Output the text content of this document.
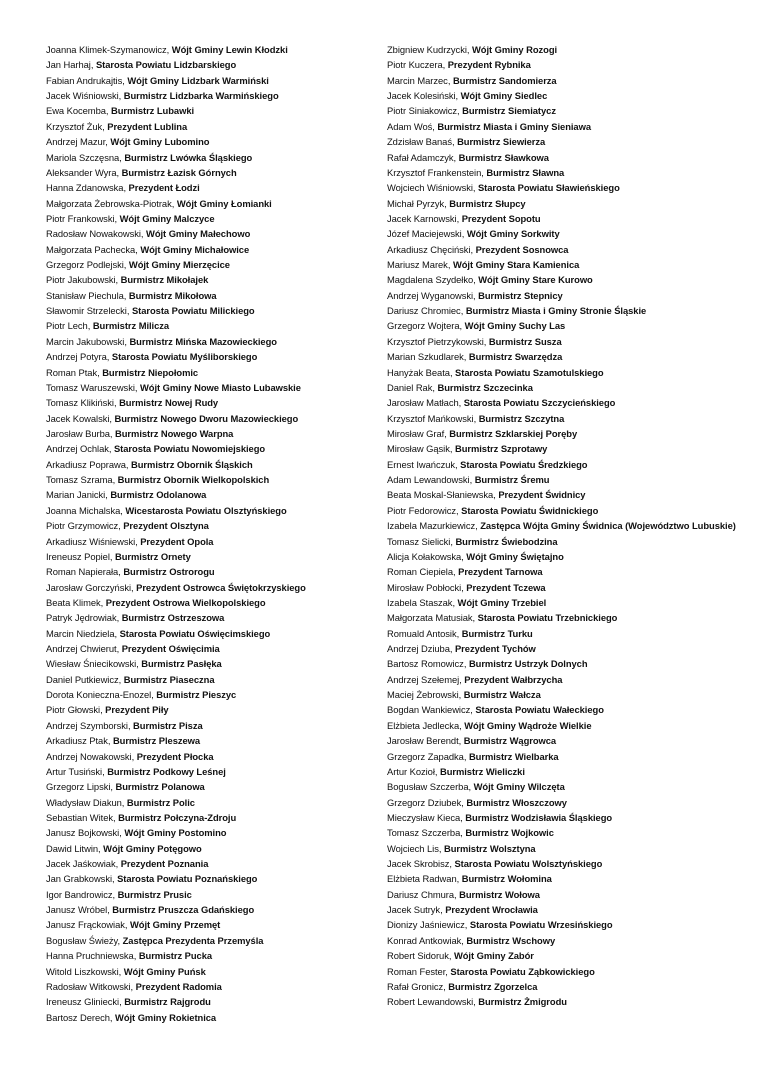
Joanna Klimek-Szymanowicz, Wójt Gminy Lewin Kłodzki
Jan Harhaj, Starosta Powiatu Lidzbarskiego
Fabian Andrukajtis, Wójt Gminy Lidzbark Warmiński
Jacek Wiśniowski, Burmistrz Lidzbarka Warmińskiego
Ewa Kocemba, Burmistrz Lubawki
Krzysztof Żuk, Prezydent Lublina
Andrzej Mazur, Wójt Gminy Lubomino
Mariola Szczęsna, Burmistrz Lwówka Śląskiego
Aleksander Wyra, Burmistrz Łazisk Górnych
Hanna Zdanowska, Prezydent Łodzi
Małgorzata Żebrowska-Piotrak, Wójt Gminy Łomianki
Piotr Frankowski, Wójt Gminy Malczyce
Radosław Nowakowski, Wójt Gminy Małechowo
Małgorzata Pachecka, Wójt Gminy Michałowice
Grzegorz Podlejski, Wójt Gminy Mierzęcice
Piotr Jakubowski, Burmistrz Mikołajek
Stanisław Piechula, Burmistrz Mikołowa
Sławomir Strzelecki, Starosta Powiatu Milickiego
Piotr Lech, Burmistrz Milicza
Marcin Jakubowski, Burmistrz Mińska Mazowieckiego
Andrzej Potyra, Starosta Powiatu Myśliborskiego
Roman Ptak, Burmistrz Niepołomic
Tomasz Waruszewski, Wójt Gminy Nowe Miasto Lubawskie
Tomasz Klikiński, Burmistrz Nowej Rudy
Jacek Kowalski, Burmistrz Nowego Dworu Mazowieckiego
Jarosław Burba, Burmistrz Nowego Warpna
Andrzej Ochlak, Starosta Powiatu Nowomiejskiego
Arkadiusz Poprawa, Burmistrz Obornik Śląskich
Tomasz Szrama, Burmistrz Obornik Wielkopolskich
Marian Janicki, Burmistrz Odolanowa
Joanna Michalska, Wicestarosta Powiatu Olsztyńskiego
Piotr Grzymowicz, Prezydent Olsztyna
Arkadiusz Wiśniewski, Prezydent Opola
Ireneusz Popiel, Burmistrz Ornety
Roman Napierała, Burmistrz Ostrorogu
Jarosław Gorczyński, Prezydent Ostrowca Świętokrzyskiego
Beata Klimek, Prezydent Ostrowa Wielkopolskiego
Patryk Jędrowiak, Burmistrz Ostrzeszowa
Marcin Niedziela, Starosta Powiatu Oświęcimskiego
Andrzej Chwierut, Prezydent Oświęcimia
Wiesław Śniecikowski, Burmistrz Pasłęka
Daniel Putkiewicz, Burmistrz Piaseczna
Dorota Konieczna-Enozel, Burmistrz Pieszyc
Piotr Głowski, Prezydent Piły
Andrzej Szymborski, Burmistrz Pisza
Arkadiusz Ptak, Burmistrz Pleszewa
Andrzej Nowakowski, Prezydent Płocka
Artur Tusiński, Burmistrz Podkowy Leśnej
Grzegorz Lipski, Burmistrz Polanowa
Władysław Diakun, Burmistrz Polic
Sebastian Witek, Burmistrz Połczyna-Zdroju
Janusz Bojkowski, Wójt Gminy Postomino
Dawid Litwin, Wójt Gminy Potęgowo
Jacek Jaśkowiak, Prezydent Poznania
Jan Grabkowski, Starosta Powiatu Poznańskiego
Igor Bandrowicz, Burmistrz Prusic
Janusz Wróbel, Burmistrz Pruszcza Gdańskiego
Janusz Frąckowiak, Wójt Gminy Przemęt
Bogusław Świeży, Zastępca Prezydenta Przemyśla
Hanna Pruchniewska, Burmistrz Pucka
Witold Liszkowski, Wójt Gminy Puńsk
Radosław Witkowski, Prezydent Radomia
Ireneusz Gliniecki, Burmistrz Rajgrodu
Bartosz Derech, Wójt Gminy Rokietnica
Zbigniew Kudrzycki, Wójt Gminy Rozogi
Piotr Kuczera, Prezydent Rybnika
Marcin Marzec, Burmistrz Sandomierza
Jacek Kolesiński, Wójt Gminy Siedlec
Piotr Siniakowicz, Burmistrz Siemiatycz
Adam Woś, Burmistrz Miasta i Gminy Sieniawa
Zdzisław Banaś, Burmistrz Siewierza
Rafał Adamczyk, Burmistrz Sławkowa
Krzysztof Frankenstein, Burmistrz Sławna
Wojciech Wiśniowski, Starosta Powiatu Sławieńskiego
Michał Pyrzyk, Burmistrz Słupcy
Jacek Karnowski, Prezydent Sopotu
Józef Maciejewski, Wójt Gminy Sorkwity
Arkadiusz Chęciński, Prezydent Sosnowca
Mariusz Marek, Wójt Gminy Stara Kamienica
Magdalena Szydełko, Wójt Gminy Stare Kurowo
Andrzej Wyganowski, Burmistrz Stepnicy
Dariusz Chromiec, Burmistrz Miasta i Gminy Stronie Śląskie
Grzegorz Wojtera, Wójt Gminy Suchy Las
Krzysztof Pietrzykowski, Burmistrz Susza
Marian Szkudlarek, Burmistrz Swarzędza
Hanyżak Beata, Starosta Powiatu Szamotulskiego
Daniel Rak, Burmistrz Szczecinka
Jarosław Matłach, Starosta Powiatu Szczycieńskiego
Krzysztof Mańkowski, Burmistrz Szczytna
Mirosław Graf, Burmistrz Szklarskiej Poręby
Mirosław Gąsik, Burmistrz Szprotawy
Ernest Iwańczuk, Starosta Powiatu Średzkiego
Adam Lewandowski, Burmistrz Śremu
Beata Moskal-Słaniewska, Prezydent Świdnicy
Piotr Fedorowicz, Starosta Powiatu Świdnickiego
Izabela Mazurkiewicz, Zastępca Wójta Gminy Świdnica (Województwo Lubuskie)
Tomasz Sielicki, Burmistrz Świebodzina
Alicja Kołakowska, Wójt Gminy Świętajno
Roman Ciepiela, Prezydent Tarnowa
Mirosław Pobłocki, Prezydent Tczewa
Izabela Staszak, Wójt Gminy Trzebiel
Małgorzata Matusiak, Starosta Powiatu Trzebnickiego
Romuald Antosik, Burmistrz Turku
Andrzej Dziuba, Prezydent Tychów
Bartosz Romowicz, Burmistrz Ustrzyk Dolnych
Andrzej Szełemej, Prezydent Wałbrzycha
Maciej Żebrowski, Burmistrz Wałcza
Bogdan Wankiewicz, Starosta Powiatu Wałeckiego
Elżbieta Jedlecka, Wójt Gminy Wądroże Wielkie
Jarosław Berendt, Burmistrz Wągrowca
Grzegorz Zapadka, Burmistrz Wielbarka
Artur Kozioł, Burmistrz Wieliczki
Bogusław Szczerba, Wójt Gminy Wilczęta
Grzegorz Dziubek, Burmistrz Włoszczowy
Mieczysław Kieca, Burmistrz Wodzisławia Śląskiego
Tomasz Szczerba, Burmistrz Wojkowic
Wojciech Lis, Burmistrz Wolsztyna
Jacek Skrobisz, Starosta Powiatu Wolsztyńskiego
Elżbieta Radwan, Burmistrz Wołomina
Dariusz Chmura, Burmistrz Wołowa
Jacek Sutryk, Prezydent Wrocławia
Dionizy Jaśniewicz, Starosta Powiatu Wrzesińskiego
Konrad Antkowiak, Burmistrz Wschowy
Robert Sidoruk, Wójt Gminy Zabór
Roman Fester, Starosta Powiatu Ząbkowickiego
Rafał Gronicz, Burmistrz Zgorzelca
Robert Lewandowski, Burmistrz Żmigrodu
